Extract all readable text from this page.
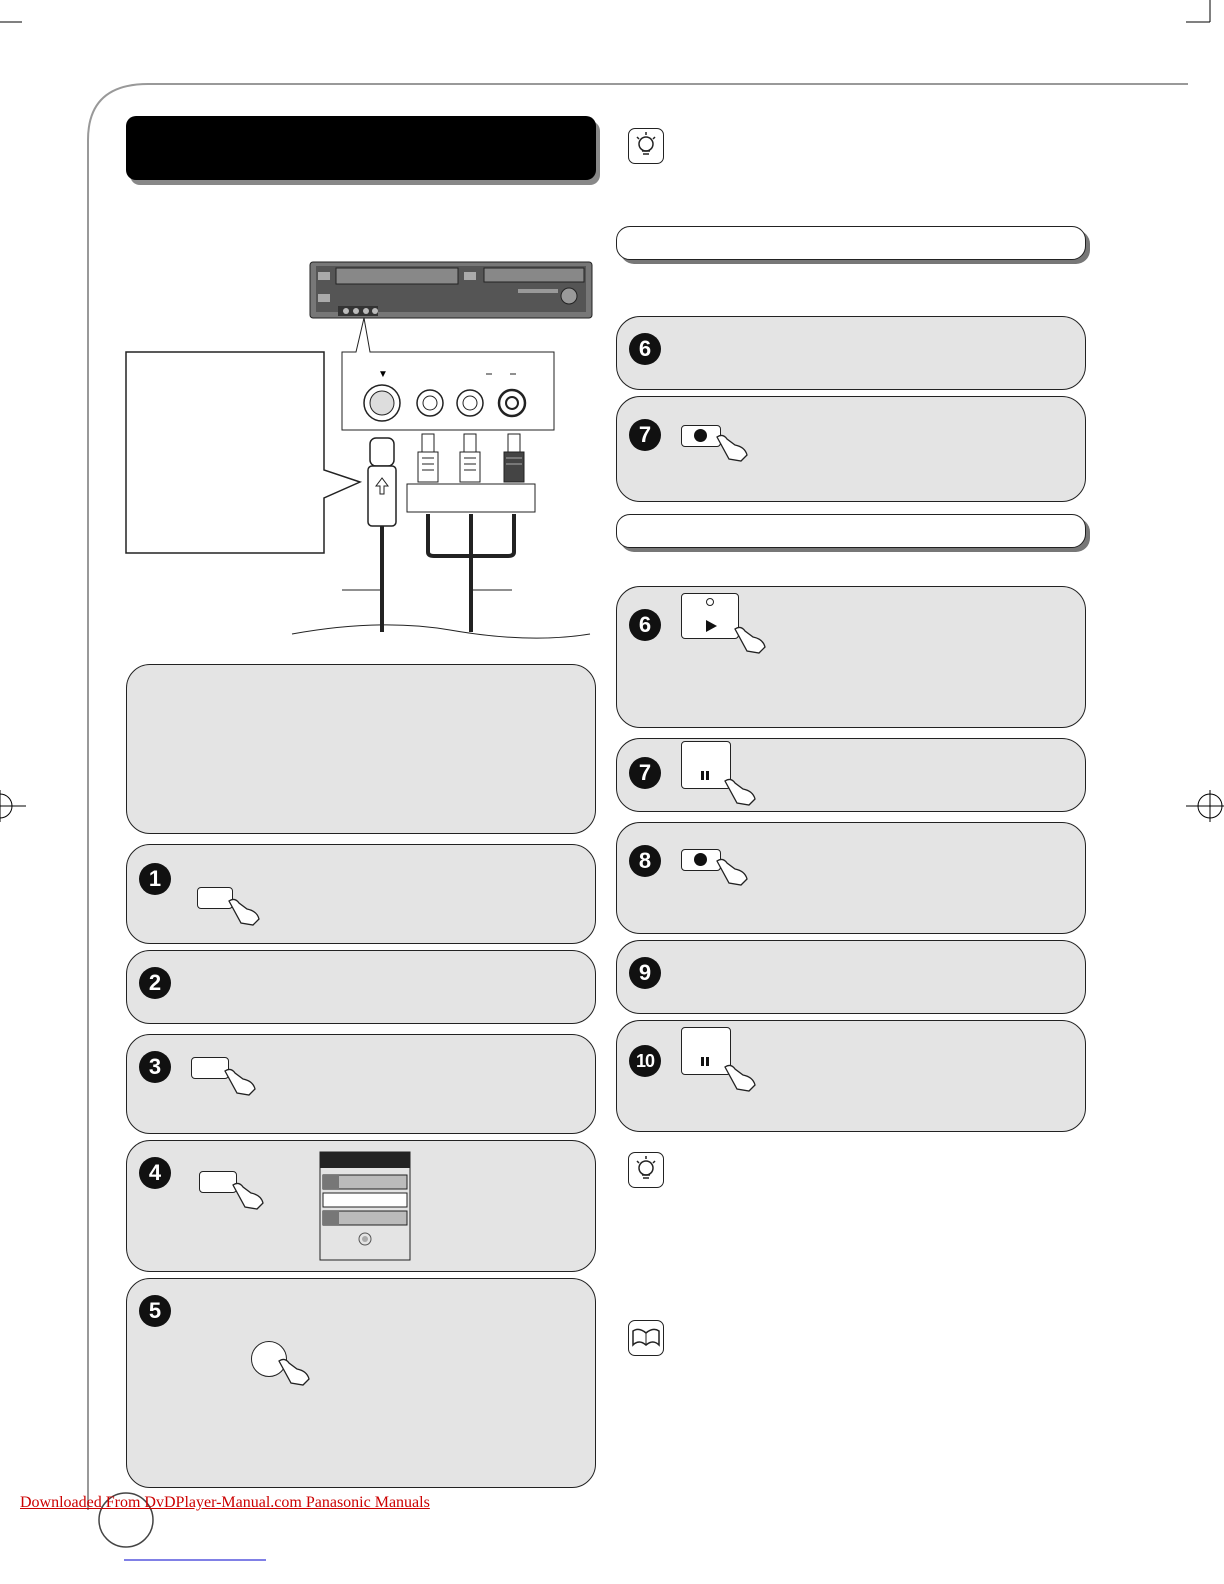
▼
1
2
3
4
5
6
7
6
7
8
9
10
Downloaded From DvDPlayer-Manual.com Panasonic Manuals
